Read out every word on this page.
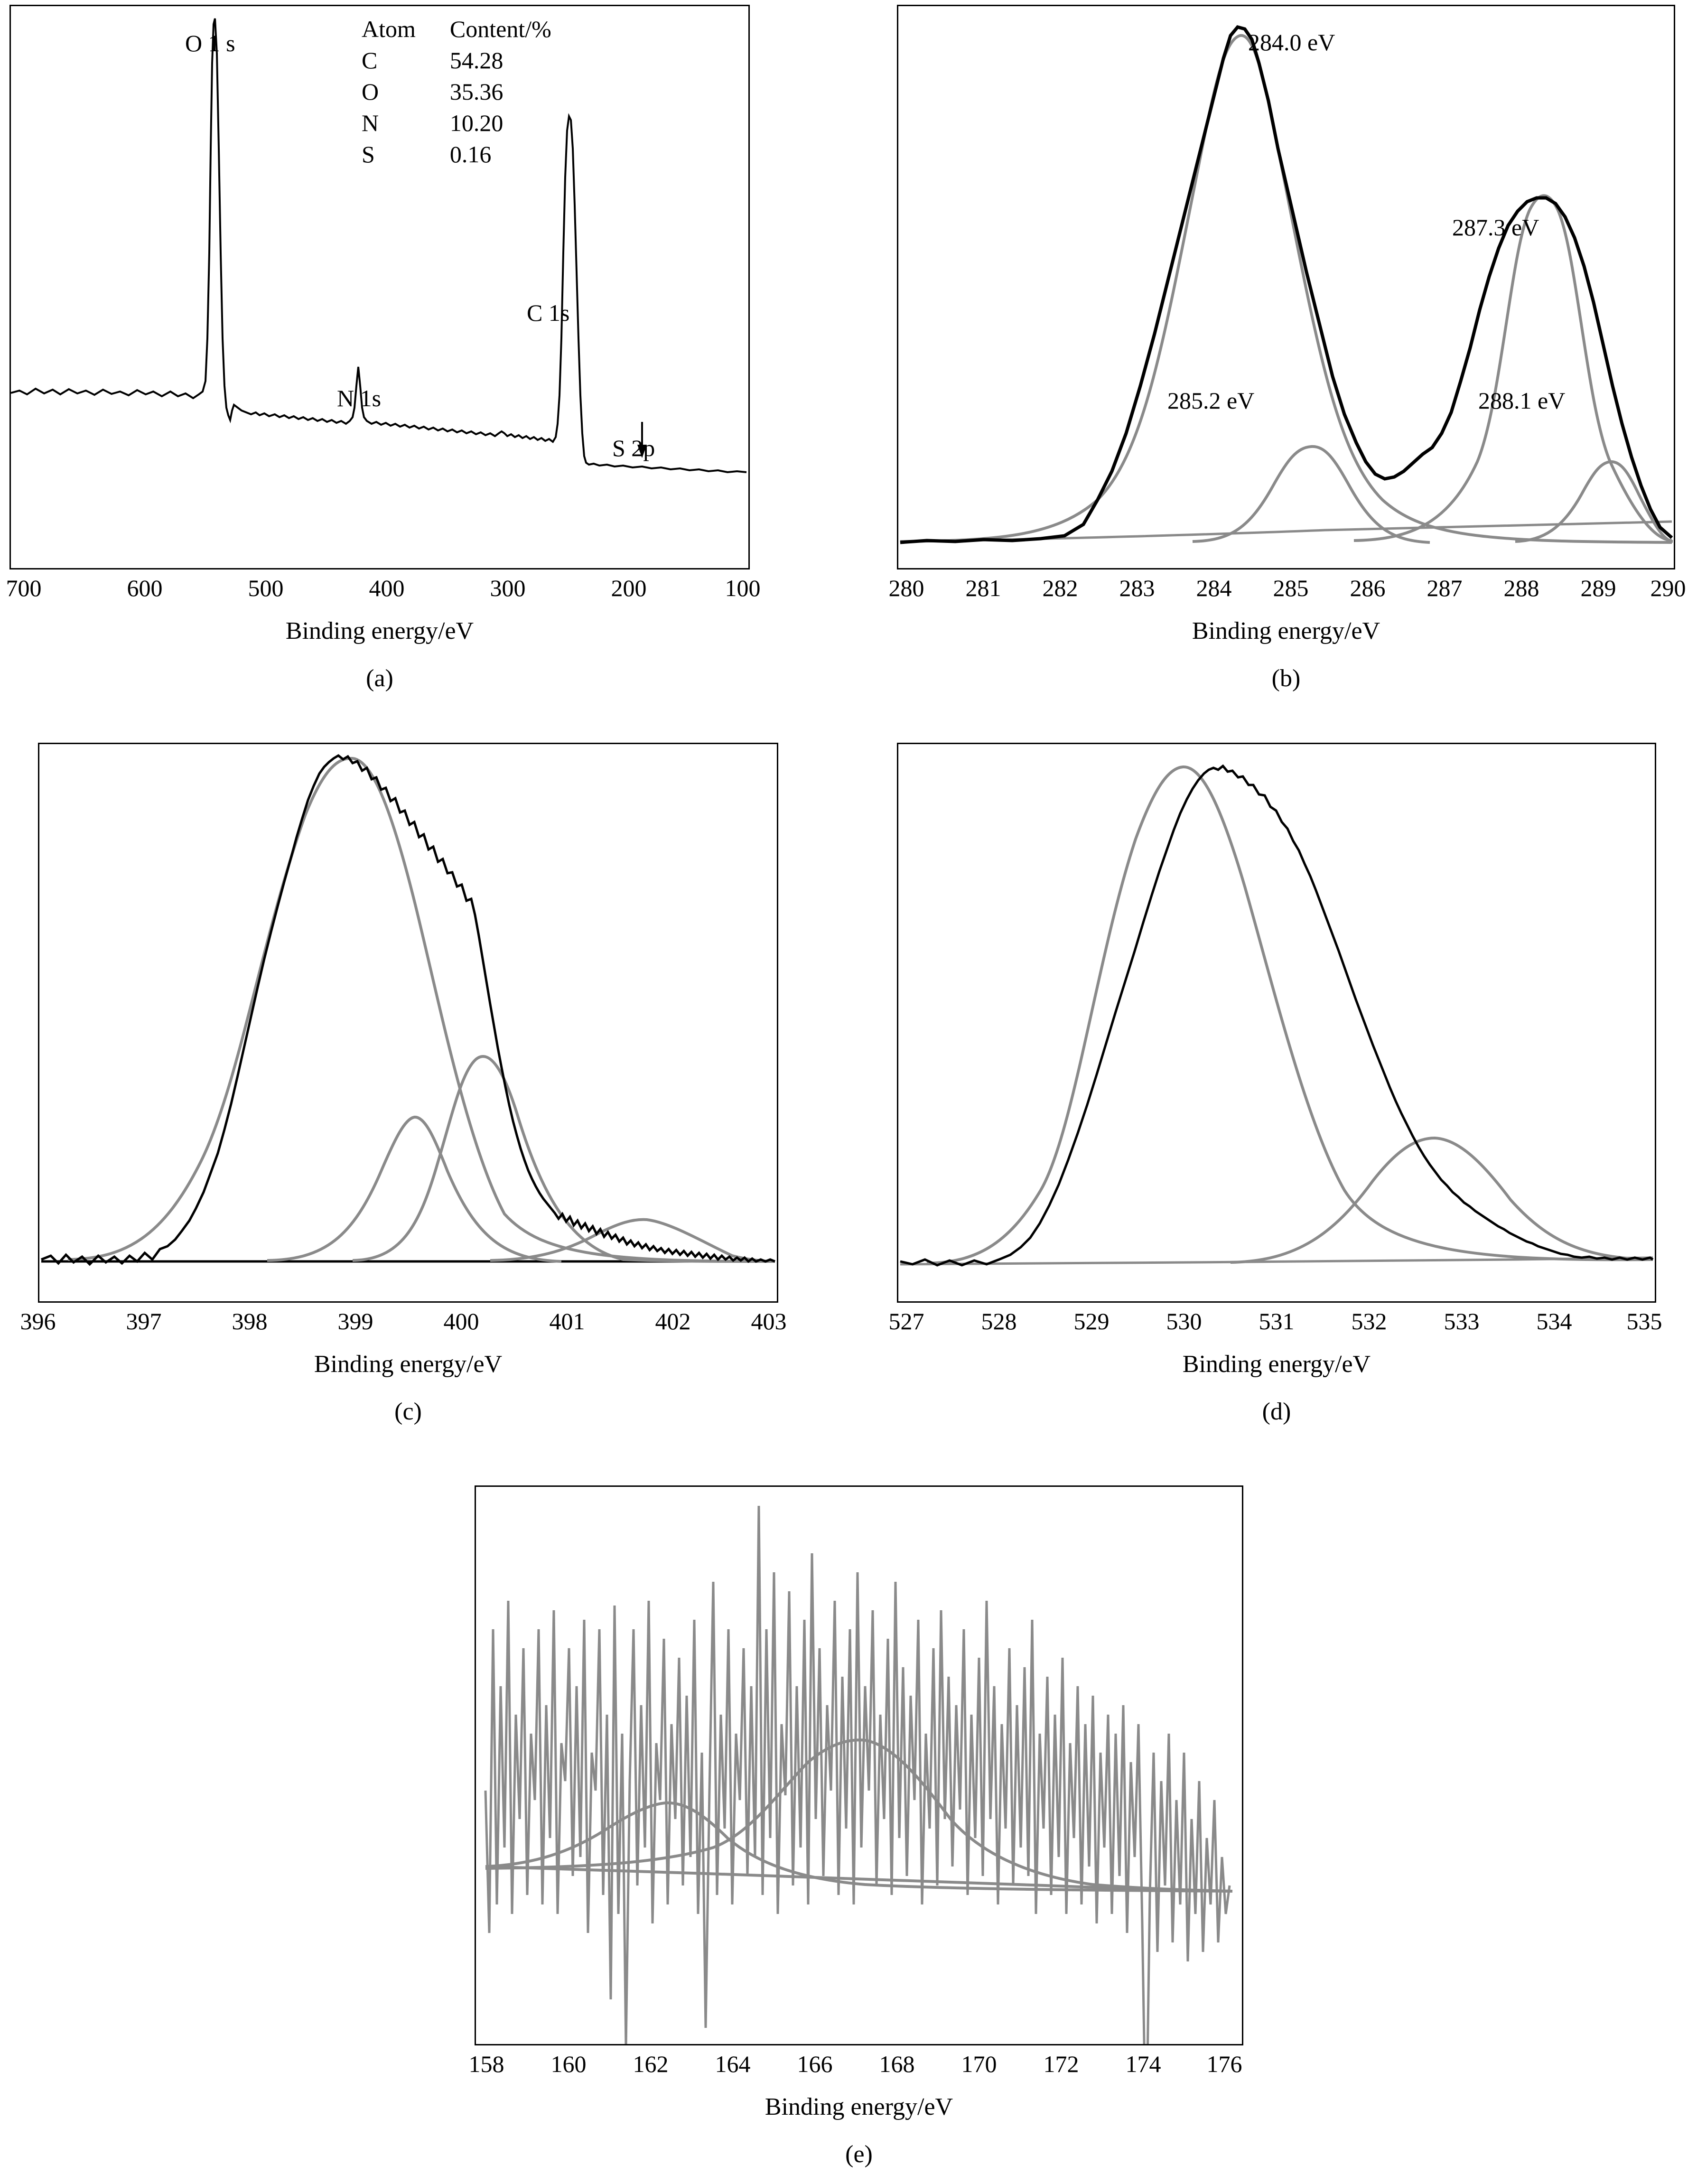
O 1 s
N 1s
C 1s
S 2p
Atom	Content/%
C	54.28
O	35.36
N	10.20
S	0.16
700	600	500	400	300	200	100
Binding energy/eV
(a)
284.0 eV
285.2 eV
287.3 eV
288.1 eV
280 281 282 283 284 285 286 287 288 289 290
Binding energy/eV
(b)
396	397	398	399	400	401	402	403
Binding energy/eV
(c)
527 528 529 530 531 532 533 534 535
Binding energy/eV
(d)
158 160 162 164 166 168 170 172 174 176
Binding energy/eV
(e)
